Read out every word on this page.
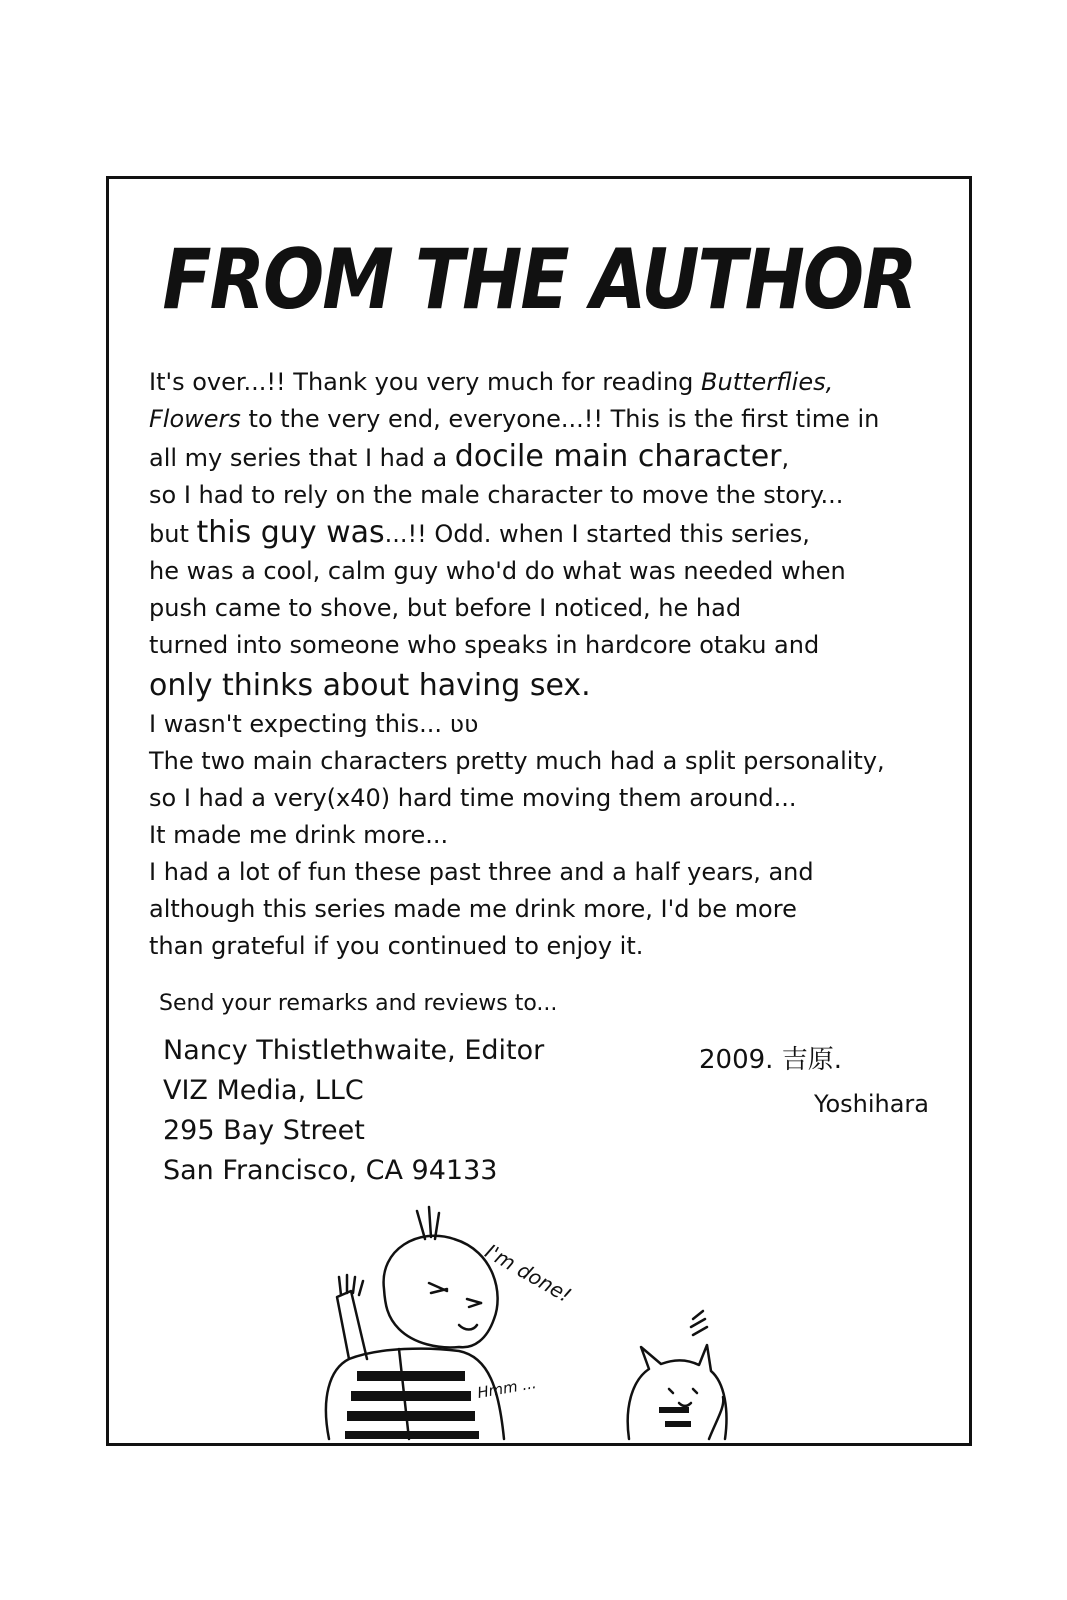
FROM THE AUTHOR
It's over...!! Thank you very much for reading Butterflies,
Flowers to the very end, everyone...!! This is the first time in
all my series that I had a docile main character,
so I had to rely on the male character to move the story...
but this guy was...!! Odd. when I started this series,
he was a cool, calm guy who'd do what was needed when
push came to shove, but before I noticed, he had
turned into someone who speaks in hardcore otaku and
only thinks about having sex.
I wasn't expecting this... ʋʋ
The two main characters pretty much had a split personality,
so I had a very(x40) hard time moving them around...
It made me drink more...
I had a lot of fun these past three and a half years, and
although this series made me drink more, I'd be more
than grateful if you continued to enjoy it.
Send your remarks and reviews to...
Nancy Thistlethwaite, Editor
VIZ Media, LLC
295 Bay Street
San Francisco, CA 94133
2009. 吉原.
Yoshihara
I'm done!
Hmm ...
